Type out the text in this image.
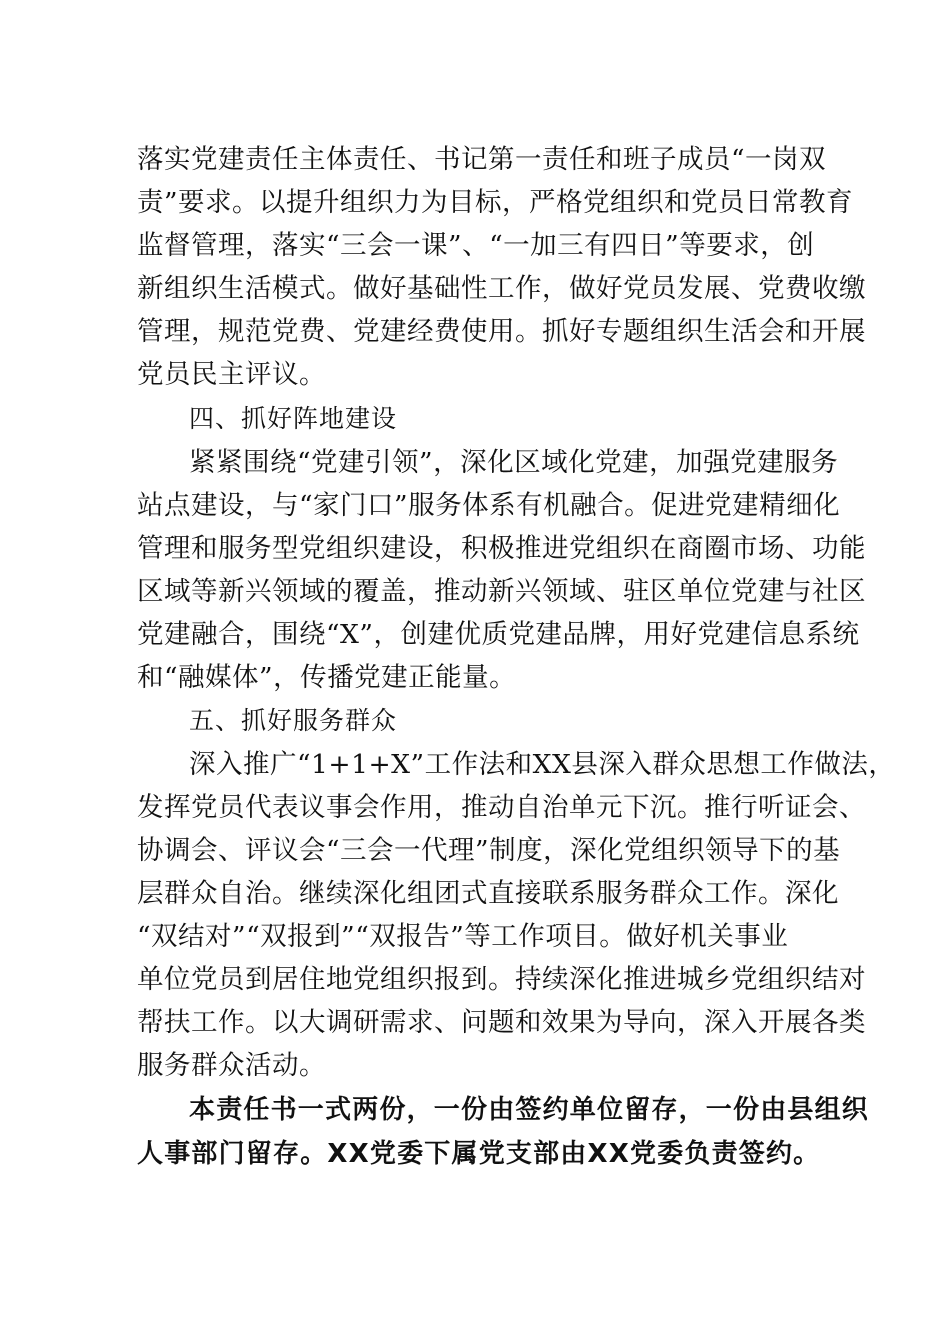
落实党建责任主体责任、书记第一责任和班子成员“一岗双
责”要求。以提升组织力为目标，严格党组织和党员日常教育
监督管理，落实“三会一课”、“一加三有四日”等要求，创
新组织生活模式。做好基础性工作，做好党员发展、党费收缴
管理，规范党费、党建经费使用。抓好专题组织生活会和开展
党员民主评议。
四、抓好阵地建设
紧紧围绕“党建引领”，深化区域化党建，加强党建服务
站点建设，与“家门口”服务体系有机融合。促进党建精细化
管理和服务型党组织建设，积极推进党组织在商圈市场、功能
区域等新兴领域的覆盖，推动新兴领域、驻区单位党建与社区
党建融合，围绕“X”，创建优质党建品牌，用好党建信息系统
和“融媒体”，传播党建正能量。
五、抓好服务群众
深入推广“1+1+X”工作法和XX县深入群众思想工作做法，
发挥党员代表议事会作用，推动自治单元下沉。推行听证会、
协调会、评议会“三会一代理”制度，深化党组织领导下的基
层群众自治。继续深化组团式直接联系服务群众工作。深化
“双结对”“双报到”“双报告”等工作项目。做好机关事业
单位党员到居住地党组织报到。持续深化推进城乡党组织结对
帮扶工作。以大调研需求、问题和效果为导向，深入开展各类
服务群众活动。
本责任书一式两份，一份由签约单位留存，一份由县组织
人事部门留存。XX党委下属党支部由XX党委负责签约。
